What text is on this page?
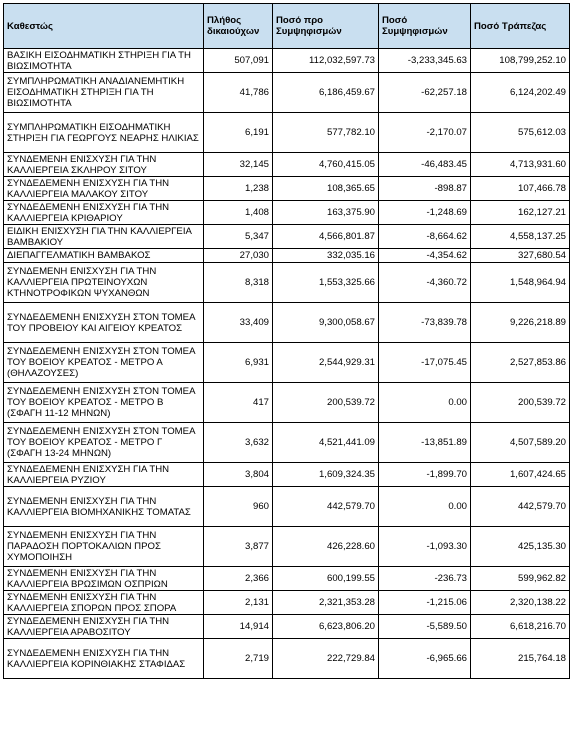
Καθεστώς	Πλήθος δικαιούχων	Ποσό προ Συμψηφισμών	Ποσό Συμψηφισμών	Ποσό Τράπεζας
ΒΑΣΙΚΗ ΕΙΣΟΔΗΜΑΤΙΚΗ ΣΤΗΡΙΞΗ ΓΙΑ ΤΗ ΒΙΩΣΙΜΟΤΗΤΑ	507,091	112,032,597.73	-3,233,345.63	108,799,252.10
ΣΥΜΠΛΗΡΩΜΑΤΙΚΗ ΑΝΑΔΙΑΝΕΜΗΤΙΚΗ ΕΙΣΟΔΗΜΑΤΙΚΗ ΣΤΗΡΙΞΗ ΓΙΑ ΤΗ ΒΙΩΣΙΜΟΤΗΤΑ	41,786	6,186,459.67	-62,257.18	6,124,202.49
ΣΥΜΠΛΗΡΩΜΑΤΙΚΗ ΕΙΣΟΔΗΜΑΤΙΚΗ ΣΤΗΡΙΞΗ ΓΙΑ ΓΕΩΡΓΟΥΣ ΝΕΑΡΗΣ ΗΛΙΚΙΑΣ	6,191	577,782.10	-2,170.07	575,612.03
ΣΥΝΔΕΜΕΝΗ ΕΝΙΣΧΥΣΗ ΓΙΑ ΤΗΝ ΚΑΛΛΙΕΡΓΕΙΑ ΣΚΛΗΡΟΥ ΣΙΤΟΥ	32,145	4,760,415.05	-46,483.45	4,713,931.60
ΣΥΝΔΕΔΕΜΕΝΗ ΕΝΙΣΧΥΣΗ ΓΙΑ ΤΗΝ ΚΑΛΛΙΕΡΓΕΙΑ ΜΑΛΑΚΟΥ ΣΙΤΟΥ	1,238	108,365.65	-898.87	107,466.78
ΣΥΝΔΕΔΕΜΕΝΗ ΕΝΙΣΧΥΣΗ ΓΙΑ ΤΗΝ ΚΑΛΛΙΕΡΓΕΙΑ ΚΡΙΘΑΡΙΟΥ	1,408	163,375.90	-1,248.69	162,127.21
ΕΙΔΙΚΗ ΕΝΙΣΧΥΣΗ ΓΙΑ ΤΗΝ ΚΑΛΛΙΕΡΓΕΙΑ ΒΑΜΒΑΚΙΟΥ	5,347	4,566,801.87	-8,664.62	4,558,137.25
ΔΙΕΠΑΓΓΕΛΜΑΤΙΚΗ ΒΑΜΒΑΚΟΣ	27,030	332,035.16	-4,354.62	327,680.54
ΣΥΝΔΕΜΕΝΗ ΕΝΙΣΧΥΣΗ ΓΙΑ ΤΗΝ ΚΑΛΛΙΕΡΓΕΙΑ ΠΡΩΤΕΙΝΟΥΧΩΝ ΚΤΗΝΟΤΡΟΦΙΚΩΝ ΨΥΧΑΝΘΩΝ	8,318	1,553,325.66	-4,360.72	1,548,964.94
ΣΥΝΔΕΔΕΜΕΝΗ ΕΝΙΣΧΥΣΗ ΣΤΟΝ ΤΟΜΕΑ ΤΟΥ ΠΡΟΒΕΙΟΥ ΚΑΙ ΑΙΓΕΙΟΥ ΚΡΕΑΤΟΣ	33,409	9,300,058.67	-73,839.78	9,226,218.89
ΣΥΝΔΕΔΕΜΕΝΗ ΕΝΙΣΧΥΣΗ ΣΤΟΝ ΤΟΜΕΑ ΤΟΥ ΒΟΕΙΟΥ ΚΡΕΑΤΟΣ - ΜΕΤΡΟ Α (ΘΗΛΑΖΟΥΣΕΣ)	6,931	2,544,929.31	-17,075.45	2,527,853.86
ΣΥΝΔΕΔΕΜΕΝΗ ΕΝΙΣΧΥΣΗ ΣΤΟΝ ΤΟΜΕΑ ΤΟΥ ΒΟΕΙΟΥ ΚΡΕΑΤΟΣ - ΜΕΤΡΟ Β (ΣΦΑΓΗ 11-12 ΜΗΝΩΝ)	417	200,539.72	0.00	200,539.72
ΣΥΝΔΕΔΕΜΕΝΗ ΕΝΙΣΧΥΣΗ ΣΤΟΝ ΤΟΜΕΑ ΤΟΥ ΒΟΕΙΟΥ ΚΡΕΑΤΟΣ - ΜΕΤΡΟ Γ (ΣΦΑΓΗ 13-24 ΜΗΝΩΝ)	3,632	4,521,441.09	-13,851.89	4,507,589.20
ΣΥΝΔΕΔΕΜΕΝΗ ΕΝΙΣΧΥΣΗ ΓΙΑ ΤΗΝ ΚΑΛΛΙΕΡΓΕΙΑ ΡΥΖΙΟΥ	3,804	1,609,324.35	-1,899.70	1,607,424.65
ΣΥΝΔΕΜΕΝΗ ΕΝΙΣΧΥΣΗ ΓΙΑ ΤΗΝ ΚΑΛΛΙΕΡΓΕΙΑ ΒΙΟΜΗΧΑΝΙΚΗΣ ΤΟΜΑΤΑΣ	960	442,579.70	0.00	442,579.70
ΣΥΝΔΕΜΕΝΗ ΕΝΙΣΧΥΣΗ ΓΙΑ ΤΗΝ ΠΑΡΑΔΟΣΗ ΠΟΡΤΟΚΑΛΙΩΝ ΠΡΟΣ ΧΥΜΟΠΟΙΗΣΗ	3,877	426,228.60	-1,093.30	425,135.30
ΣΥΝΔΕΜΕΝΗ ΕΝΙΣΧΥΣΗ ΓΙΑ ΤΗΝ ΚΑΛΛΙΕΡΓΕΙΑ ΒΡΩΣΙΜΩΝ ΟΣΠΡΙΩΝ	2,366	600,199.55	-236.73	599,962.82
ΣΥΝΔΕΜΕΝΗ ΕΝΙΣΧΥΣΗ ΓΙΑ ΤΗΝ ΚΑΛΛΙΕΡΓΕΙΑ ΣΠΟΡΩΝ ΠΡΟΣ ΣΠΟΡΑ	2,131	2,321,353.28	-1,215.06	2,320,138.22
ΣΥΝΔΕΔΕΜΕΝΗ ΕΝΙΣΧΥΣΗ ΓΙΑ ΤΗΝ ΚΑΛΛΙΕΡΓΕΙΑ ΑΡΑΒΟΣΙΤΟΥ	14,914	6,623,806.20	-5,589.50	6,618,216.70
ΣΥΝΔΕΔΕΜΕΝΗ ΕΝΙΣΧΥΣΗ ΓΙΑ ΤΗΝ ΚΑΛΛΙΕΡΓΕΙΑ ΚΟΡΙΝΘΙΑΚΗΣ ΣΤΑΦΙΔΑΣ	2,719	222,729.84	-6,965.66	215,764.18
